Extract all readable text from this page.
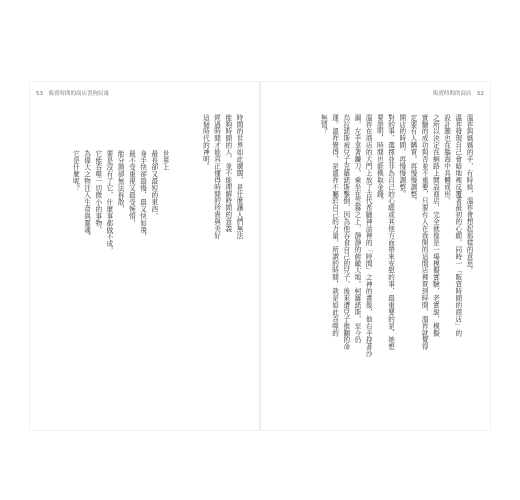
53　販賣時間的商店書狗民寓
時間的世界如此廣闊，是什麼讓人們無法
能夠時間的人，並不能理解時間的意義
經過時間才能真正懂得時間的珍貴與美好
這個時代的神明。
世界上
最長卻又最短的東西，
身手快卻最慢，最又快如飛，
最不受重視又最受惋惜，
能分割卻無法拆散，
要是沒有了它，什麼事都做不成，
它能吞噬一切微小的事物，
為偉大之物注入生命與靈魂，
它是什麼呢？
販賣時間的商店　52
溫祚與媽媽的手，有時候，溫祚會想起那樣的意思。
溫祚發現自己會暗地裡反覆著最初的心願，同時一「販賣時間的商店」的
設計圖也在腦海中具體成形。
之所以決定在網路上開設商店，完全就像是一場模擬實驗，老實說，模擬
實驗的成功與否並不重要，只要有人在我開的這間店裡買到時間，溫祚就覺得
定要有人購買。再慢慢調整。
開店的時間，再慢慢調整。
對的事，選擇並非為自己的心願或其他方面帶來安慰的事，最重要的是，她想
要證明，時間也能換取金錢。
溫祚在商店的大門上放了古代希臘神話裡的「時間」之神的畫像，他右手持著沙
漏，左手拿著鐮刀，乘坐在雲霧之上，靜靜的俯瞰大地。柯羅諾斯，至今仍
烏拉諾斯被兒子克羅諾斯擊倒，因為他吞食自己的兒子，後來遭兒子推翻的命
運。溫祚覺得，是溫祚不屬於自己的力量，所謂的時間，就是如此吞噬的
無情？
